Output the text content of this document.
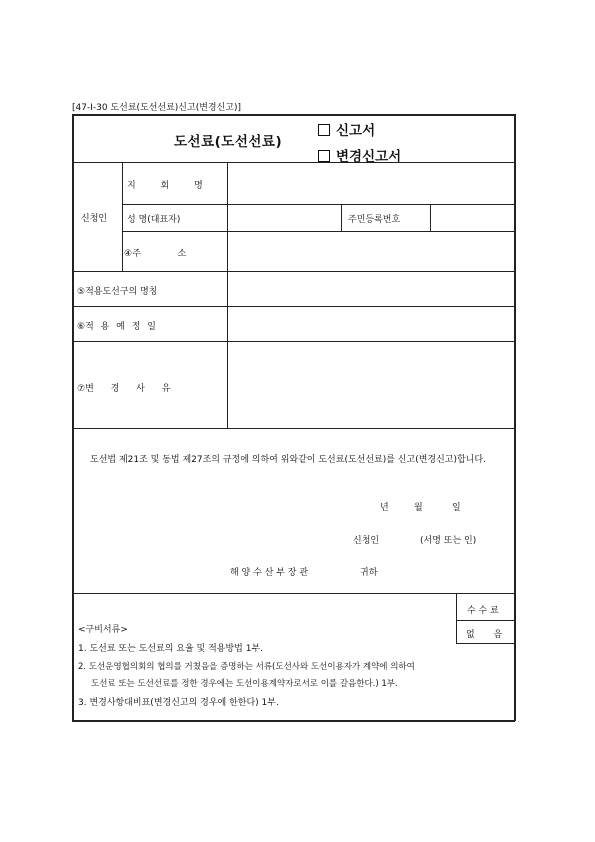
[47-Ⅰ-30 도선료(도선선료)신고(변경신고)]
도선료(도선선료)
신고서
변경신고서
신청인
지 회 명
성 명(대표자)	주민등록번호
④주 소
⑤적용도선구의 명칭
⑥적 용 예 정 일
⑦변 경 사 유
도선법 제21조 및 동법 제27조의 규정에 의하여 위와같이 도선료(도선선료)를 신고(변경신고)합니다.
년	월	일
신청인	(서명 또는 인)
해 양 수 산 부 장 관	귀하
<구비서류>
1. 도선료 또는 도선료의 요율 및 적용방법 1부.
2. 도선운영협의회의 협의를 거쳤음을 증명하는 서류(도선사와 도선이용자가 계약에 의하여
도선료 또는 도선선료를 정한 경우에는 도선이용계약자로서로 이를 갈음한다.) 1부.
3. 변경사항대비표(변경신고의 경우에 한한다) 1부.
수 수 료
없 음
